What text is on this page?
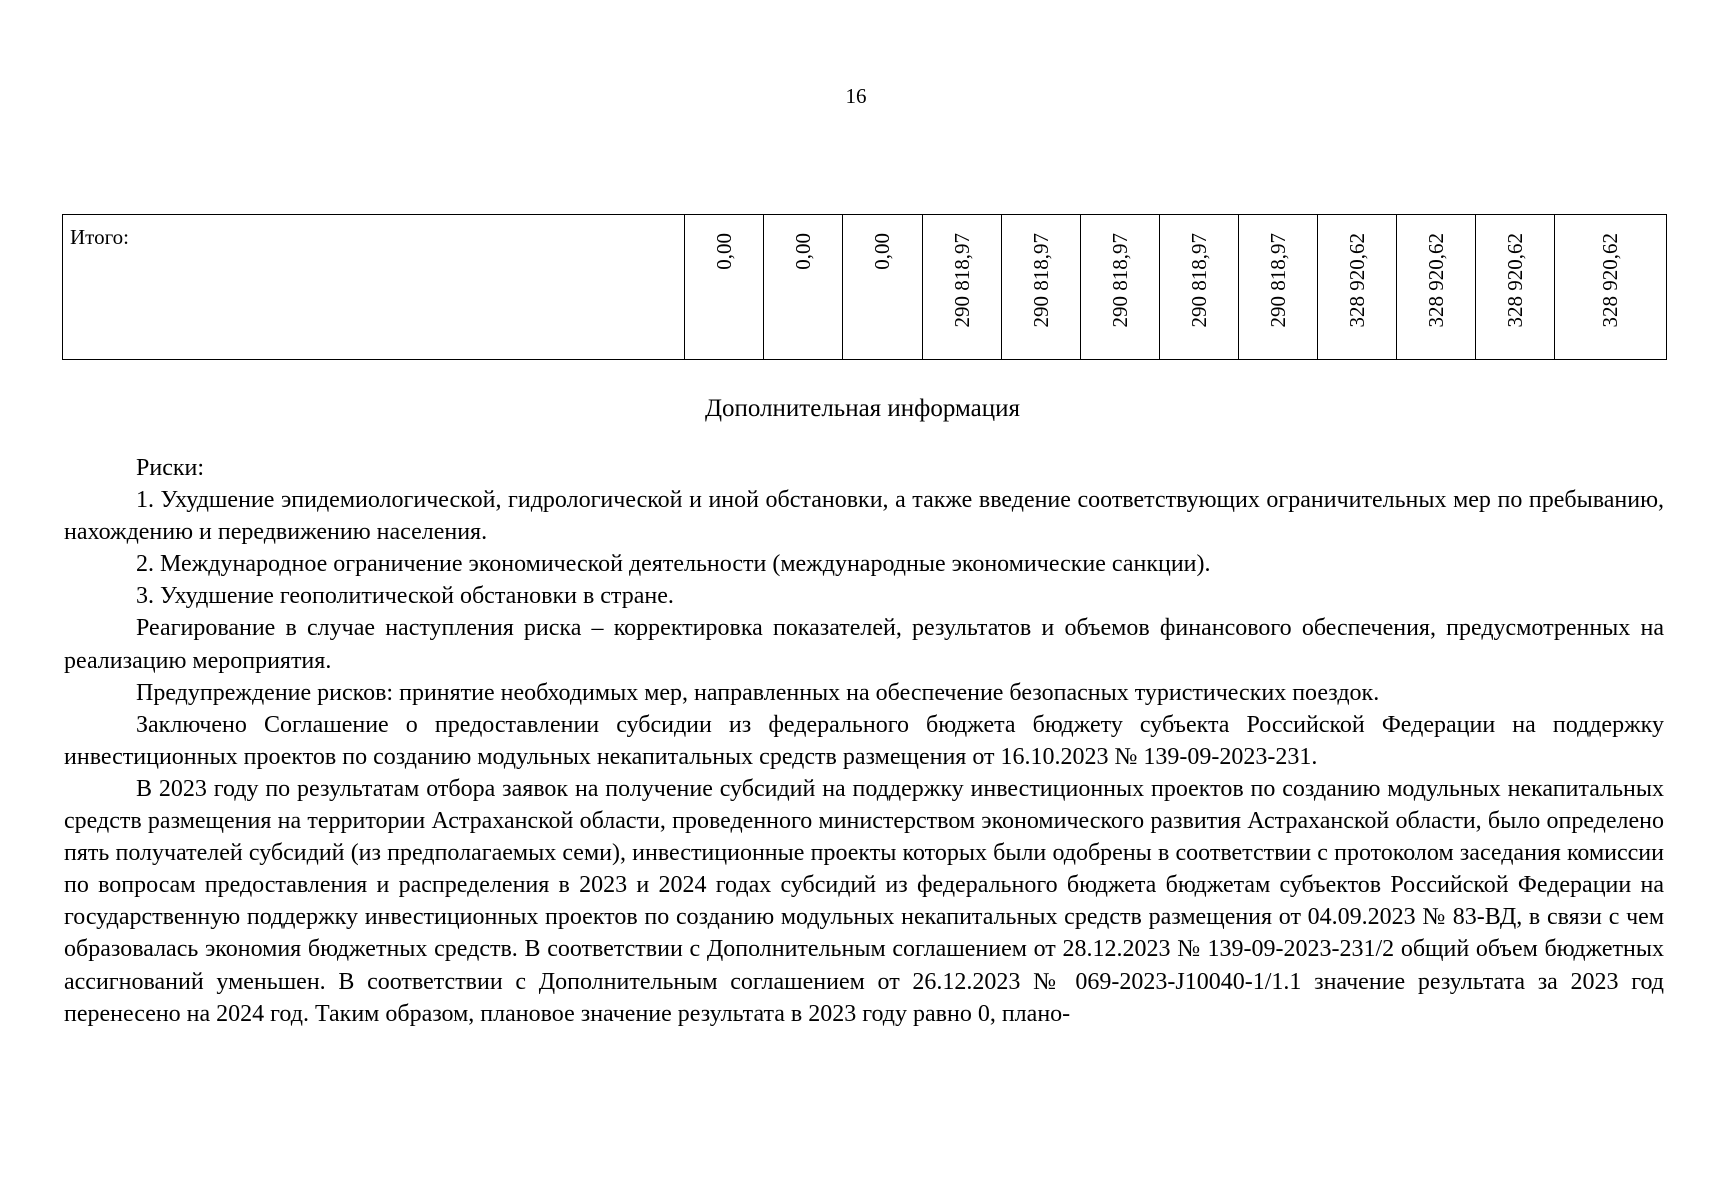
16
Итого:	0,00	0,00	0,00	290 818,97	290 818,97	290 818,97	290 818,97	290 818,97	328 920,62	328 920,62	328 920,62	328 920,62
Дополнительная информация

Риски:

1. Ухудшение эпидемиологической, гидрологической и иной обстановки, а также введение соответствующих ограничительных мер по пребыванию, нахождению и передвижению населения.

2. Международное ограничение экономической деятельности (международные экономические санкции).

3. Ухудшение геополитической обстановки в стране.

Реагирование в случае наступления риска – корректировка показателей, результатов и объемов финансового обеспечения, предусмотренных на реализацию мероприятия.

Предупреждение рисков: принятие необходимых мер, направленных на обеспечение безопасных туристических поездок.

Заключено Соглашение о предоставлении субсидии из федерального бюджета бюджету субъекта Российской Федерации на поддержку инвестиционных проектов по созданию модульных некапитальных средств размещения от 16.10.2023 № 139-09-2023-231.

В 2023 году по результатам отбора заявок на получение субсидий на поддержку инвестиционных проектов по созданию модульных некапитальных средств размещения на территории Астраханской области, проведенного министерством экономического развития Астраханской области, было определено пять получателей субсидий (из предполагаемых семи), инвестиционные проекты которых были одобрены в соответствии с протоколом заседания комиссии по вопросам предоставления и распределения в 2023 и 2024 годах субсидий из федерального бюджета бюджетам субъектов Российской Федерации на государственную поддержку инвестиционных проектов по созданию модульных некапитальных средств размещения от 04.09.2023 № 83-ВД, в связи с чем образовалась экономия бюджетных средств. В соответствии с Дополнительным соглашением от 28.12.2023 № 139-09-2023-231/2 общий объем бюджетных ассигнований уменьшен. В соответствии с Дополнительным соглашением от 26.12.2023 № 069-2023-J10040-1/1.1 значение результата за 2023 год перенесено на 2024 год. Таким образом, плановое значение результата в 2023 году равно 0, плано-
